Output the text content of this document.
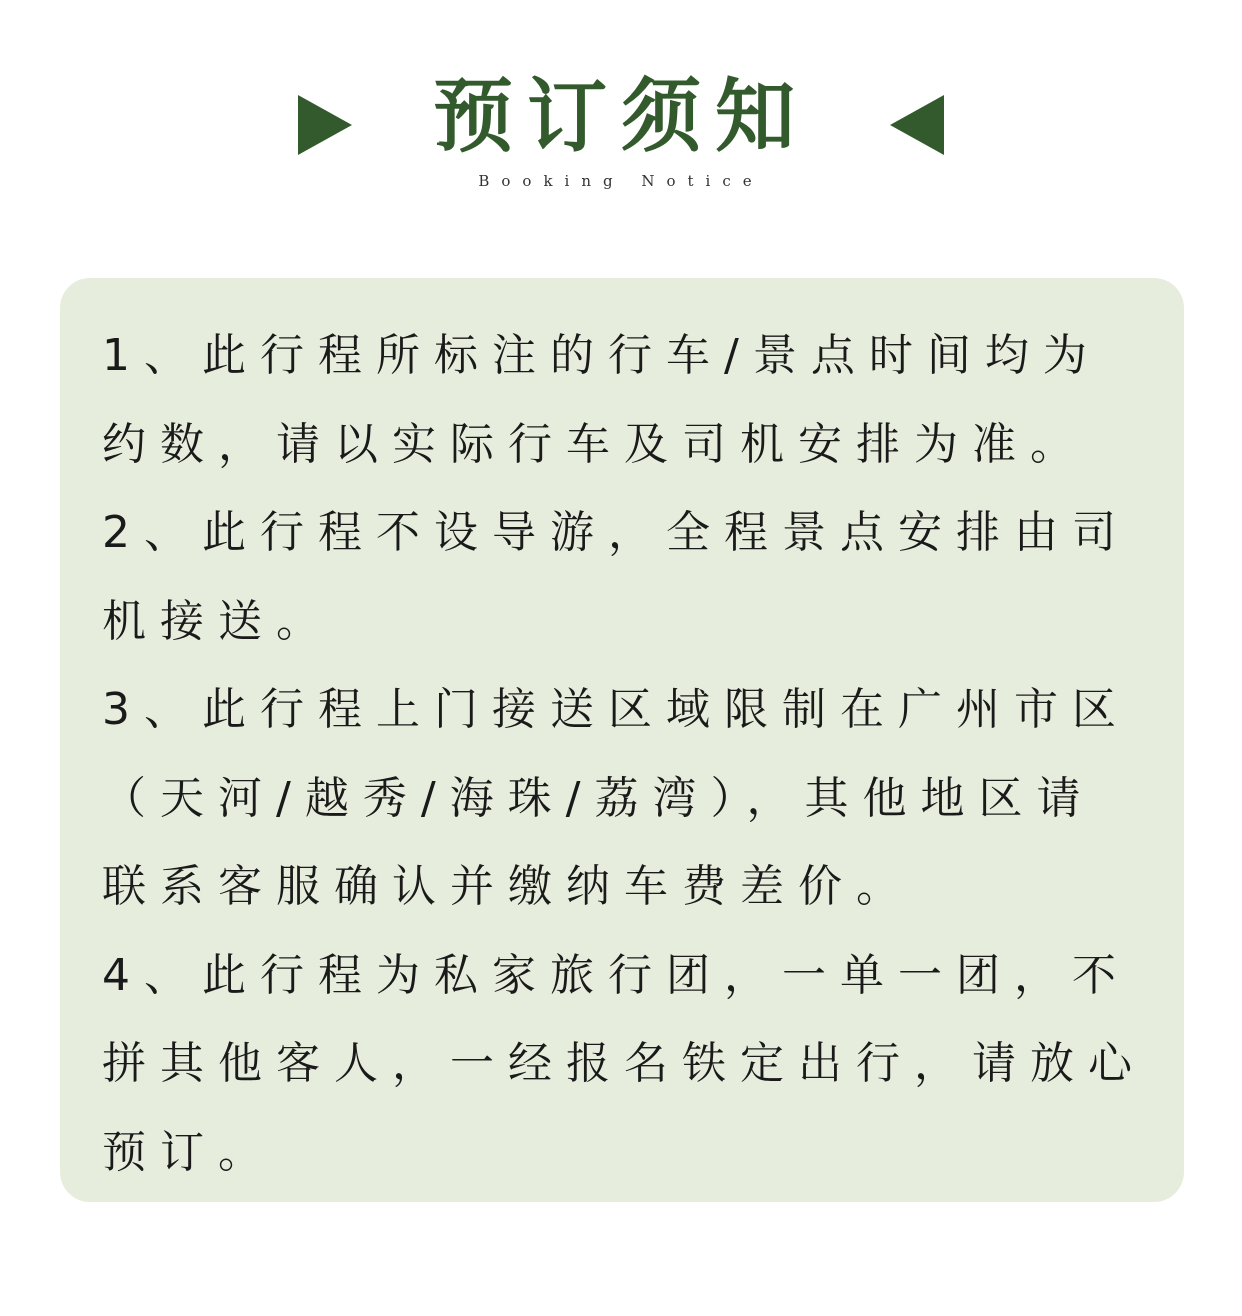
预订须知
Booking Notice

1、此行程所标注的行车/景点时间均为约数，请以实际行车及司机安排为准。

2、此行程不设导游，全程景点安排由司机接送。

3、此行程上门接送区域限制在广州市区（天河/越秀/海珠/荔湾），其他地区请联系客服确认并缴纳车费差价。

4、此行程为私家旅行团，一单一团，不拼其他客人，一经报名铁定出行，请放心预订。
